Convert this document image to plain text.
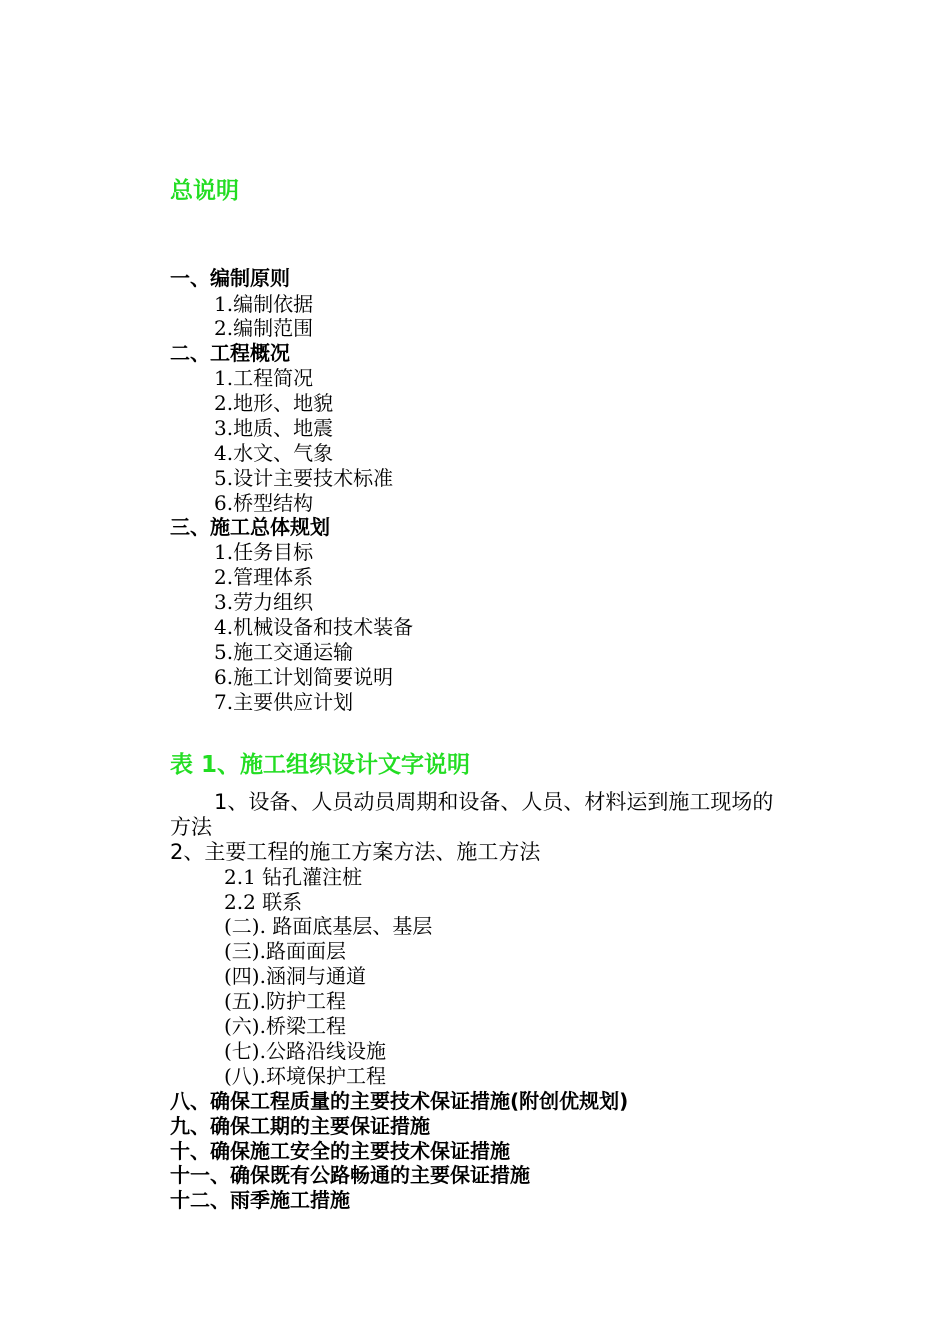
总说明
一、编制原则
1.编制依据
2.编制范围
二、工程概况
1.工程简况
2.地形、地貌
3.地质、地震
4.水文、气象
5.设计主要技术标准
6.桥型结构
三、施工总体规划
1.任务目标
2.管理体系
3.劳力组织
4.机械设备和技术装备
5.施工交通运输
6.施工计划简要说明
7.主要供应计划
表 1、施工组织设计文字说明
1、设备、人员动员周期和设备、人员、材料运到施工现场的
方法
2、主要工程的施工方案方法、施工方法
2.1 钻孔灌注桩
2.2 联系
(二). 路面底基层、基层
(三).路面面层
(四).涵洞与通道
(五).防护工程
(六).桥梁工程
(七).公路沿线设施
(八).环境保护工程
八、确保工程质量的主要技术保证措施(附创优规划)
九、确保工期的主要保证措施
十、确保施工安全的主要技术保证措施
十一、确保既有公路畅通的主要保证措施
十二、雨季施工措施
